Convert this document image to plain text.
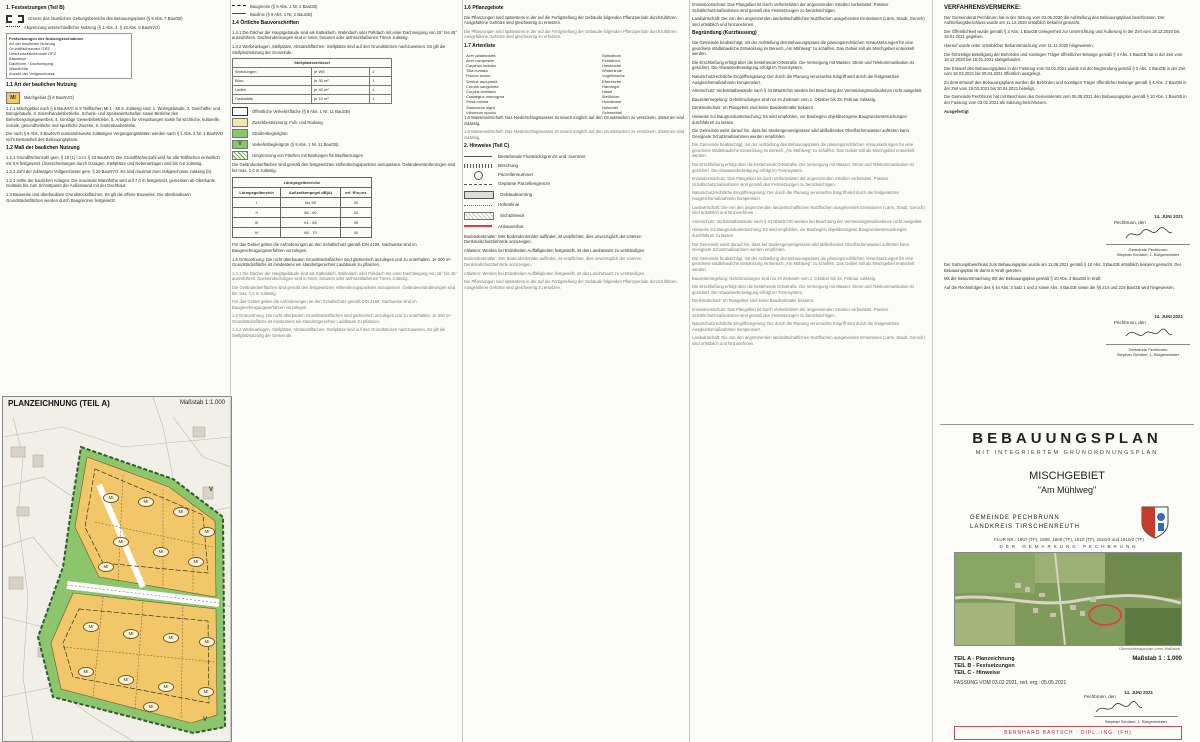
1. Festsetzungen (Teil B)

Grenze des räumlichen Geltungsbereichs des Bebauungsplans (§ 9 Abs. 7 BauGB)
Abgrenzung unterschiedlicher Nutzung (§ 1 Abs. 4, § 16 Abs. 5 BauNVO)
Festsetzungen der Nutzungsschablone
Art der baulichen Nutzung
Grundflächenzahl GRZ
Geschossflächenzahl GFZ
Bauweise
Dachform / Dachneigung
Wandhöhe
Anzahl der Vollgeschosse

1.1 Art der baulichen Nutzung

MI	Mischgebiet (§ 6 BauNVO)

1.1.1 Mischgebiet nach § 6 BauNVO in 8 Teilflächen MI 1 - MI 8. Zulässig sind: 1. Wohngebäude, 2. Geschäfts- und Bürogebäude, 3. Einzelhandelsbetriebe, Schank- und Speisewirtschaften sowie Betriebe des Beherbergungsgewerbes, 4. sonstige Gewerbebetriebe, 5. Anlagen für Verwaltungen sowie für kirchliche, kulturelle, soziale, gesundheitliche und sportliche Zwecke, 6. Gartenbaubetriebe.

Die nach § 6 Abs. 3 BauNVO ausnahmsweise zulässigen Vergnügungsstätten werden nach § 1 Abs. 6 Nr. 1 BauNVO nicht Bestandteil des Bebauungsplans.

1.2 Maß der baulichen Nutzung

1.2.1 Grundflächenzahl gem. § 19 (1) i.V.m. § 23 BauNVO: Die Grundflächenzahl wird für alle Teilflächen einheitlich mit 0,6 festgesetzt. Überschreitungen durch Garagen, Stellplätze und Nebenanlagen sind bis 0,8 zulässig.

1.2.2 Zahl der zulässigen Vollgeschosse gem. § 20 BauNVO: Es sind maximal zwei Vollgeschosse zulässig (II).

1.2.3 Höhe der baulichen Anlagen: Die maximale Wandhöhe wird auf 7,0 m festgesetzt, gemessen ab Oberkante Gelände bis zum Schnittpunkt der Außenwand mit der Dachhaut.

1.3 Bauweise und überbaubare Grundstücksflächen: Es gilt die offene Bauweise. Die überbaubaren Grundstücksflächen werden durch Baugrenzen festgesetzt.

PLANZEICHNUNG (TEIL A)	Maßstab 1:1.000
MI
MI
MI
MI
MI
MI
MI
MI
MI
MI
MI
MI
MI
MI
MI
MI
MI
V
V
Baugrenze (§ 9 Abs. 1 Nr. 2 BauGB)
Baulinie (§ 9 Abs. 1 Nr. 2 BauGB)

1.4 Örtliche Bauvorschriften

1.4.1 Die Dächer der Hauptgebäude sind als Satteldach, Walmdach oder Pultdach mit einer Dachneigung von 15° bis 45° auszuführen. Dacheindeckungen sind in roten, braunen oder anthrazitfarbenen Tönen zulässig.

1.4.2 Werbeanlagen, Stellplätze, Abstandsflächen: Stellplätze sind auf den Grundstücken nachzuweisen. Es gilt die Stellplatzsatzung der Gemeinde.

Stellplatzschlüssel		
Wohnungen	je WE	2
Büro	je 30 m²	1
Laden	je 40 m²	1
Gaststätte	je 10 m²	1
Öffentliche Verkehrsfläche (§ 9 Abs. 1 Nr. 11 BauGB)
Zweckbestimmung: Fuß- und Radweg
Straßenbegleitgrün
V	Verkehrsbegleitgrün (§ 9 Abs. 1 Nr. 11 BauGB)
Umgrenzung von Flächen mit Bindungen für Bepflanzungen

Die Geländeoberflächen sind gemäß den festgesetzten Höhenbezugspunkten anzupassen. Geländeveränderungen sind bis max. 1,0 m zulässig.

Lärmpegelbereiche		
Lärmpegelbereich	Außenlärmpegel dB(A)	erf. R'w,res
I	bis 55	30
II	56 - 60	30
III	61 - 65	35
IV	66 - 70	40

Für das Gebiet gelten die Anforderungen an den Schallschutz gemäß DIN 4109. Nachweise sind im Baugenehmigungsverfahren vorzulegen.

1.5 Grünordnung: Die nicht überbauten Grundstücksflächen sind gärtnerisch anzulegen und zu unterhalten. Je 300 m² Grundstücksfläche ist mindestens ein standortgerechter Laubbaum zu pflanzen.

1.4.1 Die Dächer der Hauptgebäude sind als Satteldach, Walmdach oder Pultdach mit einer Dachneigung von 15° bis 45° auszuführen. Dacheindeckungen sind in roten, braunen oder anthrazitfarbenen Tönen zulässig.

Die Geländeoberflächen sind gemäß den festgesetzten Höhenbezugspunkten anzupassen. Geländeveränderungen sind bis max. 1,0 m zulässig.

Für das Gebiet gelten die Anforderungen an den Schallschutz gemäß DIN 4109. Nachweise sind im Baugenehmigungsverfahren vorzulegen.

1.5 Grünordnung: Die nicht überbauten Grundstücksflächen sind gärtnerisch anzulegen und zu unterhalten. Je 300 m² Grundstücksfläche ist mindestens ein standortgerechter Laubbaum zu pflanzen.

1.4.2 Werbeanlagen, Stellplätze, Abstandsflächen: Stellplätze sind auf den Grundstücken nachzuweisen. Es gilt die Stellplatzsatzung der Gemeinde.

1.6 Pflanzgebote

Die Pflanzungen sind spätestens in der auf die Fertigstellung der Gebäude folgenden Pflanzperiode durchzuführen. Ausgefallene Gehölze sind gleichwertig zu ersetzen.

Die Pflanzungen sind spätestens in der auf die Fertigstellung der Gebäude folgenden Pflanzperiode durchzuführen. Ausgefallene Gehölze sind gleichwertig zu ersetzen.

1.7 Artenliste

Acer platanoides	Spitzahorn
Acer campestre	Feldahorn
Carpinus betulus	Hainbuche
Tilia cordata	Winterlinde
Prunus avium	Vogelkirsche
Sorbus aucuparia	Eberesche
Cornus sanguinea	Hartriegel
Corylus avellana	Hasel
Crataegus monogyna	Weißdorn
Rosa canina	Hundsrose
Sambucus nigra	Holunder
Viburnum opulus	Schneeball

1.8 Wasserwirtschaft: Das Niederschlagswasser ist soweit möglich auf den Grundstücken zu versickern. Zisternen sind zulässig.

1.8 Wasserwirtschaft: Das Niederschlagswasser ist soweit möglich auf den Grundstücken zu versickern. Zisternen sind zulässig.

2. Hinweise (Teil C)

Bestehende Flurstücksgrenze und -nummer
Böschung
Parzellennummer
Geplante Parzellengrenze
Gebäudeumring
Höhenlinie
Sichtdreieck
Anbauverbot

Bodendenkmäler: Wer Bodendenkmäler auffindet, ist verpflichtet, dies unverzüglich der Unteren Denkmalschutzbehörde anzuzeigen.

Altlasten: Werden bei Erdarbeiten Auffälligkeiten festgestellt, ist das Landratsamt zu verständigen.

Bodendenkmäler: Wer Bodendenkmäler auffindet, ist verpflichtet, dies unverzüglich der Unteren Denkmalschutzbehörde anzuzeigen.

Altlasten: Werden bei Erdarbeiten Auffälligkeiten festgestellt, ist das Landratsamt zu verständigen.

Die Pflanzungen sind spätestens in der auf die Fertigstellung der Gebäude folgenden Pflanzperiode durchzuführen. Ausgefallene Gehölze sind gleichwertig zu ersetzen.

Immissionsschutz: Das Plangebiet ist durch Verkehrslärm der angrenzenden Straßen vorbelastet. Passive Schallschutzmaßnahmen sind gemäß den Festsetzungen zu berücksichtigen.

Landwirtschaft: Die von den angrenzenden landwirtschaftlichen Nutzflächen ausgehenden Emissionen (Lärm, Staub, Geruch) sind ortsüblich und hinzunehmen.

Begründung (Kurzfassung)

Die Gemeinde beabsichtigt, mit der Aufstellung des Bebauungsplans die planungsrechtlichen Voraussetzungen für eine geordnete städtebauliche Entwicklung im Bereich „Am Mühlweg“ zu schaffen. Das Gebiet soll als Mischgebiet entwickelt werden.

Die Erschließung erfolgt über die bestehende Ortsstraße. Die Versorgung mit Wasser, Strom und Telekommunikation ist gesichert. Die Abwasserbeseitigung erfolgt im Trennsystem.

Naturschutzrechtliche Eingriffsregelung: Der durch die Planung verursachte Eingriff wird durch die festgesetzten Ausgleichsmaßnahmen kompensiert.

Artenschutz: Verbotstatbestände nach § 44 BNatSchG werden bei Beachtung der Vermeidungsmaßnahmen nicht ausgelöst.

Bauzeitenregelung: Gehölzrodungen sind nur im Zeitraum vom 1. Oktober bis 28. Februar zulässig.

Denkmalschutz: Im Plangebiet sind keine Baudenkmäler bekannt.

Hinweise zur Baugrunduntersuchung: Es wird empfohlen, vor Baubeginn objektbezogene Baugrunduntersuchungen durchführen zu lassen.

Die Gemeinde weist darauf hin, dass bei Starkregenereignissen wild abfließendes Oberflächenwasser auftreten kann. Geeignete Schutzmaßnahmen werden empfohlen.

Die Gemeinde beabsichtigt, mit der Aufstellung des Bebauungsplans die planungsrechtlichen Voraussetzungen für eine geordnete städtebauliche Entwicklung im Bereich „Am Mühlweg“ zu schaffen. Das Gebiet soll als Mischgebiet entwickelt werden.

Die Erschließung erfolgt über die bestehende Ortsstraße. Die Versorgung mit Wasser, Strom und Telekommunikation ist gesichert. Die Abwasserbeseitigung erfolgt im Trennsystem.

Immissionsschutz: Das Plangebiet ist durch Verkehrslärm der angrenzenden Straßen vorbelastet. Passive Schallschutzmaßnahmen sind gemäß den Festsetzungen zu berücksichtigen.

Naturschutzrechtliche Eingriffsregelung: Der durch die Planung verursachte Eingriff wird durch die festgesetzten Ausgleichsmaßnahmen kompensiert.

Landwirtschaft: Die von den angrenzenden landwirtschaftlichen Nutzflächen ausgehenden Emissionen (Lärm, Staub, Geruch) sind ortsüblich und hinzunehmen.

Artenschutz: Verbotstatbestände nach § 44 BNatSchG werden bei Beachtung der Vermeidungsmaßnahmen nicht ausgelöst.

Hinweise zur Baugrunduntersuchung: Es wird empfohlen, vor Baubeginn objektbezogene Baugrunduntersuchungen durchführen zu lassen.

Die Gemeinde weist darauf hin, dass bei Starkregenereignissen wild abfließendes Oberflächenwasser auftreten kann. Geeignete Schutzmaßnahmen werden empfohlen.

Die Gemeinde beabsichtigt, mit der Aufstellung des Bebauungsplans die planungsrechtlichen Voraussetzungen für eine geordnete städtebauliche Entwicklung im Bereich „Am Mühlweg“ zu schaffen. Das Gebiet soll als Mischgebiet entwickelt werden.

Bauzeitenregelung: Gehölzrodungen sind nur im Zeitraum vom 1. Oktober bis 28. Februar zulässig.

Die Erschließung erfolgt über die bestehende Ortsstraße. Die Versorgung mit Wasser, Strom und Telekommunikation ist gesichert. Die Abwasserbeseitigung erfolgt im Trennsystem.

Denkmalschutz: Im Plangebiet sind keine Baudenkmäler bekannt.

Immissionsschutz: Das Plangebiet ist durch Verkehrslärm der angrenzenden Straßen vorbelastet. Passive Schallschutzmaßnahmen sind gemäß den Festsetzungen zu berücksichtigen.

Naturschutzrechtliche Eingriffsregelung: Der durch die Planung verursachte Eingriff wird durch die festgesetzten Ausgleichsmaßnahmen kompensiert.

Landwirtschaft: Die von den angrenzenden landwirtschaftlichen Nutzflächen ausgehenden Emissionen (Lärm, Staub, Geruch) sind ortsüblich und hinzunehmen.

VERFAHRENSVERMERKE:

Der Gemeinderat Pechbrunn hat in der Sitzung vom 03.06.2020 die Aufstellung des Bebauungsplans beschlossen. Der Aufstellungsbeschluss wurde am 11.12.2020 ortsüblich bekannt gemacht.

Der Öffentlichkeit wurde gemäß § 3 Abs. 1 BauGB Gelegenheit zur Unterrichtung und Äußerung in der Zeit vom 18.12.2020 bis 18.01.2021 gegeben.

Hierauf wurde unter ortsüblicher Bekanntmachung vom 11.12.2020 hingewiesen.

Die frühzeitige Beteiligung der Behörden und sonstigen Träger öffentlicher Belange gemäß § 4 Abs. 1 BauGB hat in der Zeit vom 18.12.2020 bis 18.01.2021 stattgefunden.

Der Entwurf des Bebauungsplans in der Fassung vom 03.02.2021 wurde mit der Begründung gemäß § 3 Abs. 2 BauGB in der Zeit vom 18.03.2021 bis 20.04.2021 öffentlich ausgelegt.

Zu dem Entwurf des Bebauungsplans wurden die Behörden und sonstigen Träger öffentlicher Belange gemäß § 4 Abs. 2 BauGB in der Zeit vom 18.03.2021 bis 20.04.2021 beteiligt.

Die Gemeinde Pechbrunn hat mit Beschluss des Gemeinderats vom 05.05.2021 den Bebauungsplan gemäß § 10 Abs. 1 BauGB in der Fassung vom 03.02.2021 als Satzung beschlossen.

Ausgefertigt

Pechbrunn, den
14. JUNI 2021
Gemeinde Pechbrunn
Stephan Schübel, 1. Bürgermeister

Der Satzungsbeschluss zum Bebauungsplan wurde am 11.06.2021 gemäß § 10 Abs. 3 BauGB ortsüblich bekannt gemacht. Der Bebauungsplan ist damit in Kraft getreten.

Mit der Bekanntmachung tritt der Bebauungsplan gemäß § 10 Abs. 3 BauGB in Kraft.

Auf die Rechtsfolgen des § 44 Abs. 3 Satz 1 und 2 sowie Abs. 4 BauGB sowie die §§ 214 und 215 BauGB wird hingewiesen.

Pechbrunn, den
14. JUNI 2021
Gemeinde Pechbrunn
Stephan Schübel, 1. Bürgermeister
BEBAUUNGSPLAN
MIT INTEGRIERTEM GRÜNORDNUNGSPLAN
MISCHGEBIET
"Am Mühlweg"
GEMEINDE PECHBRUNN
LANDKREIS TIRSCHENREUTH
FLUR NR.: 1807 (TF), 1808, 1809 (TF), 1810 (TF), 1810/3 und 1810/2 (TF)
DER GEMARKUNG PECHBRUNN
Übersichtslageplan ohne Maßstab
TEIL A - Planzeichnung
TEIL B - Festsetzungen
TEIL C - Hinweise
Maßstab 1 : 1.000
FASSUNG VOM 03.02.2021, red. erg.: 05.05.2021
Pechbrunn, den
14. JUNI 2021
Stephan Schübel, 1. Bürgermeister
BERNHARD BARTSCH · DIPL.-ING. (FH)
